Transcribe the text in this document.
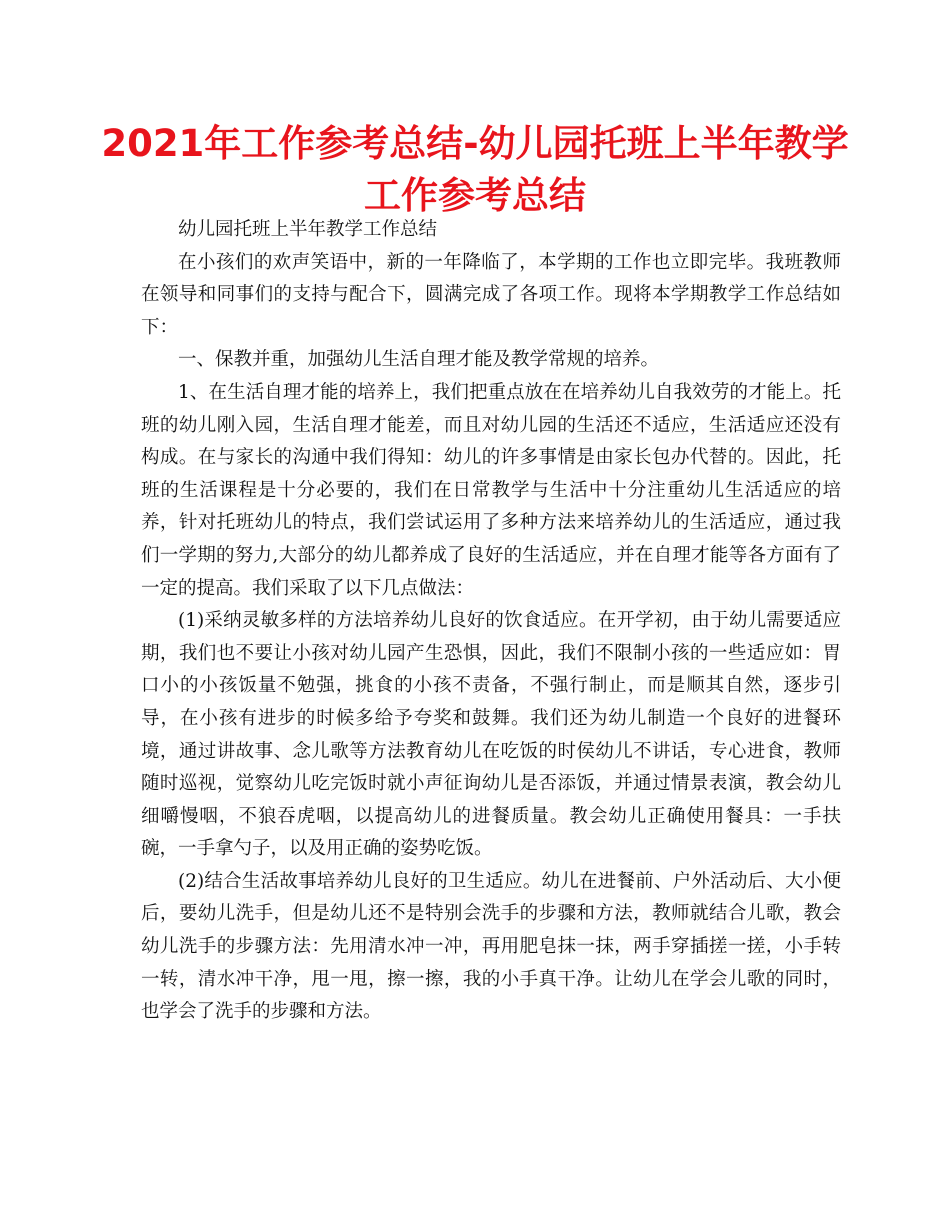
2021年工作参考总结-幼儿园托班上半年教学工作参考总结

幼儿园托班上半年教学工作总结

在小孩们的欢声笑语中，新的一年降临了，本学期的工作也立即完毕。我班教师在领导和同事们的支持与配合下，圆满完成了各项工作。现将本学期教学工作总结如下：

一、保教并重，加强幼儿生活自理才能及教学常规的培养。

1、在生活自理才能的培养上，我们把重点放在在培养幼儿自我效劳的才能上。托班的幼儿刚入园，生活自理才能差，而且对幼儿园的生活还不适应，生活适应还没有构成。在与家长的沟通中我们得知：幼儿的许多事情是由家长包办代替的。因此，托班的生活课程是十分必要的，我们在日常教学与生活中十分注重幼儿生活适应的培养，针对托班幼儿的特点，我们尝试运用了多种方法来培养幼儿的生活适应，通过我们一学期的努力,大部分的幼儿都养成了良好的生活适应，并在自理才能等各方面有了一定的提高。我们采取了以下几点做法：

(1)采纳灵敏多样的方法培养幼儿良好的饮食适应。在开学初，由于幼儿需要适应期，我们也不要让小孩对幼儿园产生恐惧，因此，我们不限制小孩的一些适应如：胃口小的小孩饭量不勉强，挑食的小孩不责备，不强行制止，而是顺其自然，逐步引导，在小孩有进步的时候多给予夸奖和鼓舞。我们还为幼儿制造一个良好的进餐环境，通过讲故事、念儿歌等方法教育幼儿在吃饭的时侯幼儿不讲话，专心进食，教师随时巡视，觉察幼儿吃完饭时就小声征询幼儿是否添饭，并通过情景表演，教会幼儿细嚼慢咽，不狼吞虎咽，以提高幼儿的进餐质量。教会幼儿正确使用餐具：一手扶碗，一手拿勺子，以及用正确的姿势吃饭。

(2)结合生活故事培养幼儿良好的卫生适应。幼儿在进餐前、户外活动后、大小便后，要幼儿洗手，但是幼儿还不是特别会洗手的步骤和方法，教师就结合儿歌，教会幼儿洗手的步骤方法：先用清水冲一冲，再用肥皂抹一抹，两手穿插搓一搓，小手转一转，清水冲干净，甩一甩，擦一擦，我的小手真干净。让幼儿在学会儿歌的同时，也学会了洗手的步骤和方法。
